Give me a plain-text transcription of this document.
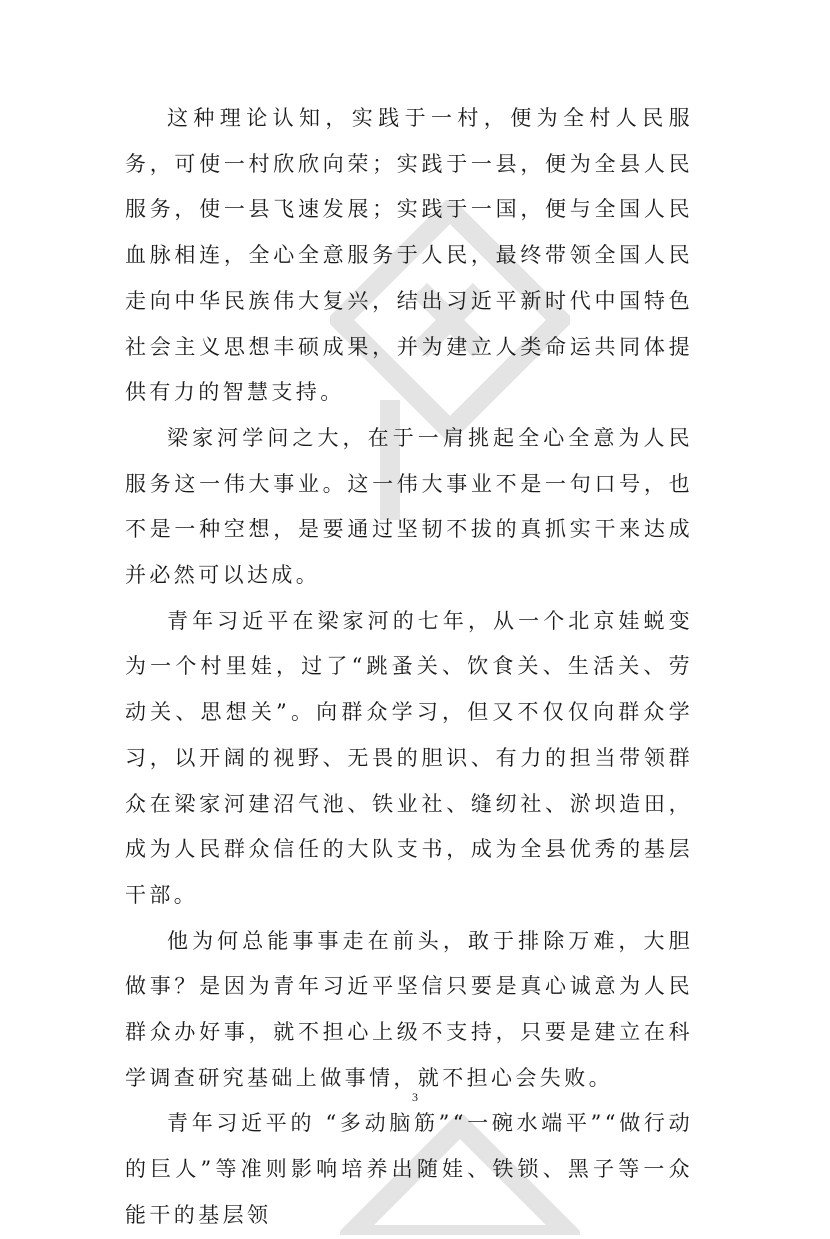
这种理论认知，实践于一村，便为全村人民服务，可使一村欣欣向荣；实践于一县，便为全县人民服务，使一县飞速发展；实践于一国，便与全国人民血脉相连，全心全意服务于人民，最终带领全国人民走向中华民族伟大复兴，结出习近平新时代中国特色社会主义思想丰硕成果，并为建立人类命运共同体提供有力的智慧支持。

梁家河学问之大，在于一肩挑起全心全意为人民服务这一伟大事业。这一伟大事业不是一句口号，也不是一种空想，是要通过坚韧不拔的真抓实干来达成并必然可以达成。

青年习近平在梁家河的七年，从一个北京娃蜕变为一个村里娃，过了“跳蚤关、饮食关、生活关、劳动关、思想关”。向群众学习，但又不仅仅向群众学习，以开阔的视野、无畏的胆识、有力的担当带领群众在梁家河建沼气池、铁业社、缝纫社、淤坝造田，成为人民群众信任的大队支书，成为全县优秀的基层干部。

他为何总能事事走在前头，敢于排除万难，大胆做事？是因为青年习近平坚信只要是真心诚意为人民群众办好事，就不担心上级不支持，只要是建立在科学调查研究基础上做事情，就不担心会失败。

青年习近平的 “多动脑筋”“一碗水端平”“做行动的巨人”等准则影响培养出随娃、铁锁、黑子等一众能干的基层领

3
